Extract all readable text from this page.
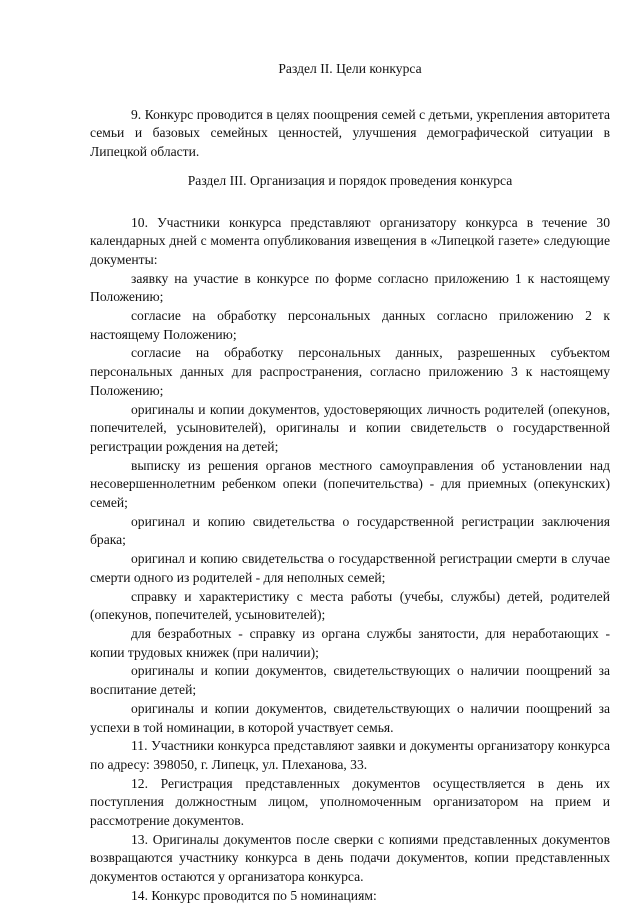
Раздел II. Цели конкурса

9. Конкурс проводится в целях поощрения семей с детьми, укрепления авторитета семьи и базовых семейных ценностей, улучшения демографической ситуации в Липецкой области.

Раздел III. Организация и порядок проведения конкурса

10. Участники конкурса представляют организатору конкурса в течение 30 календарных дней с момента опубликования извещения в «Липецкой газете» следующие документы:

заявку на участие в конкурсе по форме согласно приложению 1 к настоящему Положению;

согласие на обработку персональных данных согласно приложению 2 к настоящему Положению;

согласие на обработку персональных данных, разрешенных субъектом персональных данных для распространения, согласно приложению 3 к настоящему Положению;

оригиналы и копии документов, удостоверяющих личность родителей (опекунов, попечителей, усыновителей), оригиналы и копии свидетельств о государственной регистрации рождения на детей;

выписку из решения органов местного самоуправления об установлении над несовершеннолетним ребенком опеки (попечительства) - для приемных (опекунских) семей;

оригинал и копию свидетельства о государственной регистрации заключения брака;

оригинал и копию свидетельства о государственной регистрации смерти в случае смерти одного из родителей - для неполных семей;

справку и характеристику с места работы (учебы, службы) детей, родителей (опекунов, попечителей, усыновителей);

для безработных - справку из органа службы занятости, для неработающих - копии трудовых книжек (при наличии);

оригиналы и копии документов, свидетельствующих о наличии поощрений за воспитание детей;

оригиналы и копии документов, свидетельствующих о наличии поощрений за успехи в той номинации, в которой участвует семья.

11. Участники конкурса представляют заявки и документы организатору конкурса по адресу: 398050, г. Липецк, ул. Плеханова, 33.

12. Регистрация представленных документов осуществляется в день их поступления должностным лицом, уполномоченным организатором на прием и рассмотрение документов.

13. Оригиналы документов после сверки с копиями представленных документов возвращаются участнику конкурса в день подачи документов, копии представленных документов остаются у организатора конкурса.

14. Конкурс проводится по 5 номинациям:
